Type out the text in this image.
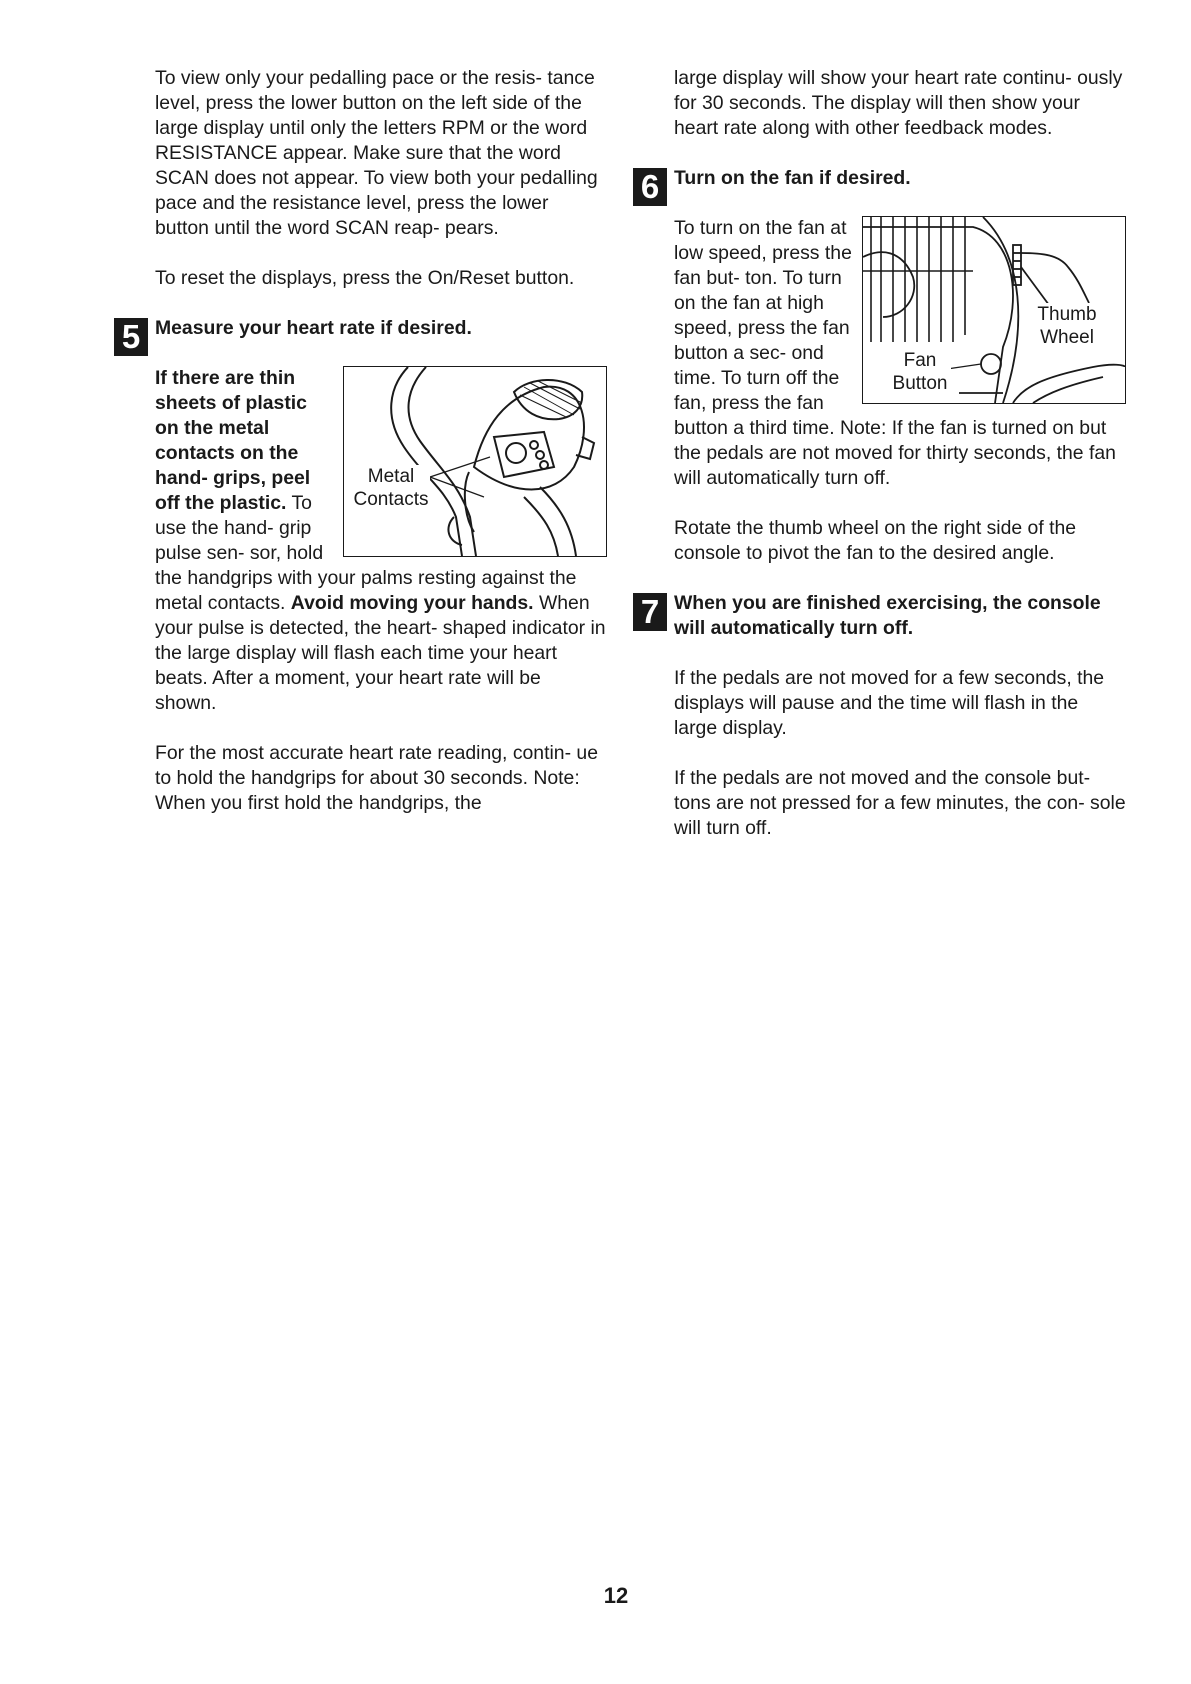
To view only your pedalling pace or the resis- tance level, press the lower button on the left side of the large display until only the letters RPM or the word RESISTANCE appear. Make sure that the word SCAN does not appear. To view both your pedalling pace and the resistance level, press the lower button until the word SCAN reap- pears.

To reset the displays, press the On/Reset button.

5 Measure your heart rate if desired.
Metal Contacts

If there are thin sheets of plastic on the metal contacts on the hand- grips, peel off the plastic. To use the hand- grip pulse sen- sor, hold the handgrips with your palms resting against the metal contacts. Avoid moving your hands. When your pulse is detected, the heart- shaped indicator in the large display will flash each time your heart beats. After a moment, your heart rate will be shown.

For the most accurate heart rate reading, contin- ue to hold the handgrips for about 30 seconds. Note: When you first hold the handgrips, the

large display will show your heart rate continu- ously for 30 seconds. The display will then show your heart rate along with other feedback modes.

6 Turn on the fan if desired.
Thumb Wheel
Fan Button

To turn on the fan at low speed, press the fan but- ton. To turn on the fan at high speed, press the fan button a sec- ond time. To turn off the fan, press the fan button a third time. Note: If the fan is turned on but the pedals are not moved for thirty seconds, the fan will automatically turn off.

Rotate the thumb wheel on the right side of the console to pivot the fan to the desired angle.

7 When you are finished exercising, the console will automatically turn off.

If the pedals are not moved for a few seconds, the displays will pause and the time will flash in the large display.

If the pedals are not moved and the console but- tons are not pressed for a few minutes, the con- sole will turn off.

12
